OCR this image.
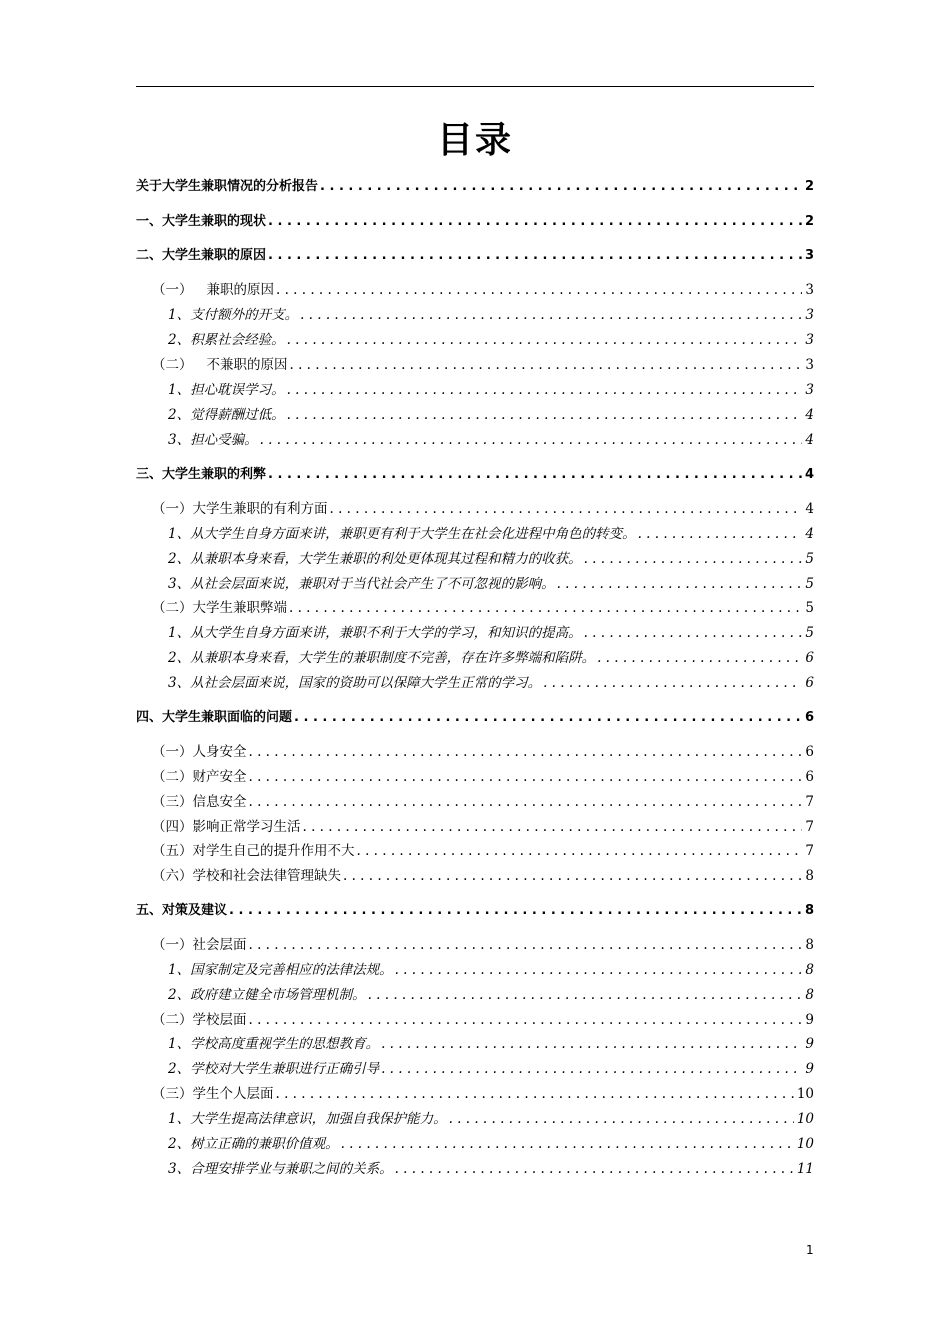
目录
关于大学生兼职情况的分析报告 . . .	2
一、 大学生兼职的现状 . . .	2
二、 大学生兼职的原因 . . .	3
（一） 兼职的原因 . . .	3
1、 支付额外的开支。 . . .	3
2、 积累社会经验。 . . .	3
（二） 不兼职的原因 . . .	3
1、 担心耽误学习。 . . .	3
2、 觉得薪酬过低。 . . .	4
3、 担心受骗。 . . .	4
三、 大学生兼职的利弊 . . .	4
（一） 大学生兼职的有利方面 . . .	4
1、 从大学生自身方面来讲，兼职更有利于大学生在社会化进程中角色的转变。 . . .	4
2、 从兼职本身来看，大学生兼职的利处更体现其过程和精力的收获。 . . .	5
3、 从社会层面来说，兼职对于当代社会产生了不可忽视的影响。 . . .	5
（二） 大学生兼职弊端 . . .	5
1、 从大学生自身方面来讲，兼职不利于大学的学习，和知识的提高。 . . .	5
2、 从兼职本身来看，大学生的兼职制度不完善，存在许多弊端和陷阱。 . . .	6
3、 从社会层面来说，国家的资助可以保障大学生正常的学习。 . . .	6
四、 大学生兼职面临的问题 . . .	6
（一） 人身安全 . . .	6
（二） 财产安全 . . .	6
（三） 信息安全 . . .	7
（四） 影响正常学习生活 . . .	7
（五） 对学生自己的提升作用不大 . . .	7
（六） 学校和社会法律管理缺失 . . .	8
五、 对策及建议 . . .	8
（一） 社会层面 . . .	8
1、 国家制定及完善相应的法律法规。 . . .	8
2、 政府建立健全市场管理机制。 . . .	8
（二） 学校层面 . . .	9
1、 学校高度重视学生的思想教育。 . . .	9
2、 学校对大学生兼职进行正确引导 . . .	9
（三） 学生个人层面 . . .	10
1、 大学生提高法律意识，加强自我保护能力。 . . .	10
2、 树立正确的兼职价值观。 . . .	10
3、 合理安排学业与兼职之间的关系。 . . .	11
1
